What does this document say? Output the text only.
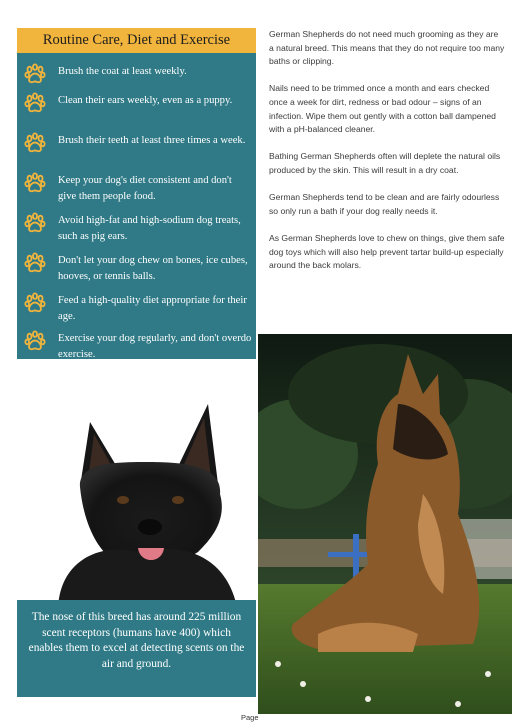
Routine Care, Diet and Exercise
Brush the coat at least weekly.
Clean their ears weekly, even as a puppy.
Brush their teeth at least three times a week.
Keep your dog's diet consistent and don't give them people food.
Avoid high-fat and high-sodium dog treats, such as pig ears.
Don't let your dog chew on bones, ice cubes, hooves, or tennis balls.
Feed a high-quality diet appropriate for their age.
Exercise your dog regularly, and don't overdo exercise.

German Shepherds do not need much grooming as they are a natural breed. This means that they do not require too many baths or clipping.

Nails need to be trimmed once a month and ears checked once a week for dirt, redness or bad odour – signs of an infection. Wipe them out gently with a cotton ball dampened with a pH-balanced cleaner.

Bathing German Shepherds often will deplete the natural oils produced by the skin. This will result in a dry coat.

German Shepherds tend to be clean and are fairly odourless so only run a bath if your dog really needs it.

As German Shepherds love to chew on things, give them safe dog toys which will also help prevent tartar build-up especially around the back molars.

The nose of this breed has around 225 million scent receptors (humans have 400) which enables them to excel at detecting scents on the air and ground.
Page
